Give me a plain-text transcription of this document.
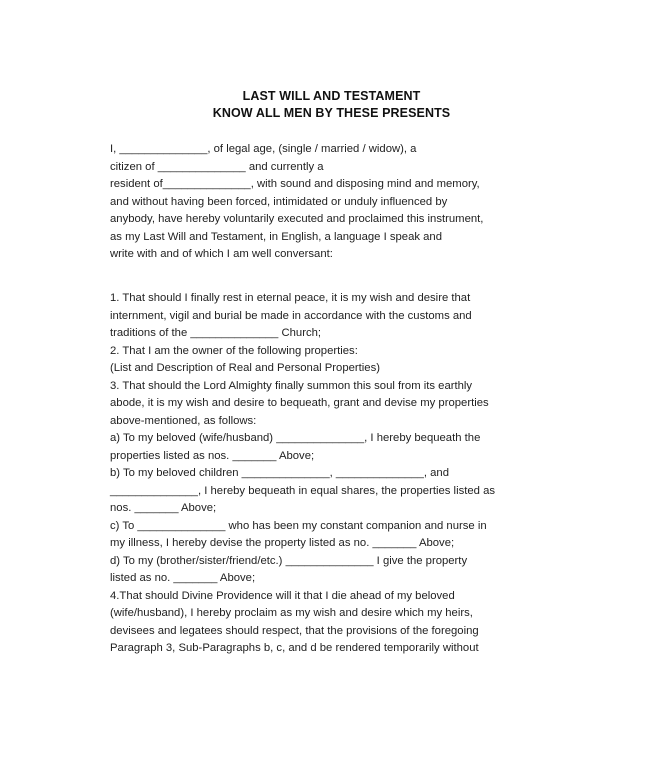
LAST WILL AND TESTAMENT
KNOW ALL MEN BY THESE PRESENTS
I, ______________, of legal age, (single / married / widow), a
citizen of ______________ and currently a
resident of______________, with sound and disposing mind and memory,
and without having been forced, intimidated or unduly influenced by
anybody, have hereby voluntarily executed and proclaimed this instrument,
as my Last Will and Testament, in English, a language I speak and
write with and of which I am well conversant:
1. That should I finally rest in eternal peace, it is my wish and desire that
internment, vigil and burial be made in accordance with the customs and
traditions of the ______________ Church;
2. That I am the owner of the following properties:
(List and Description of Real and Personal Properties)
3. That should the Lord Almighty finally summon this soul from its earthly
abode, it is my wish and desire to bequeath, grant and devise my properties
above-mentioned, as follows:
a) To my beloved (wife/husband) ______________, I hereby bequeath the
properties listed as nos. _______ Above;
b) To my beloved children ______________, ______________, and
______________, I hereby bequeath in equal shares, the properties listed as
nos. _______ Above;
c) To ______________ who has been my constant companion and nurse in
my illness, I hereby devise the property listed as no. _______ Above;
d) To my (brother/sister/friend/etc.) ______________ I give the property
listed as no. _______ Above;
4.That should Divine Providence will it that I die ahead of my beloved
(wife/husband), I hereby proclaim as my wish and desire which my heirs,
devisees and legatees should respect, that the provisions of the foregoing
Paragraph 3, Sub-Paragraphs b, c, and d be rendered temporarily without
